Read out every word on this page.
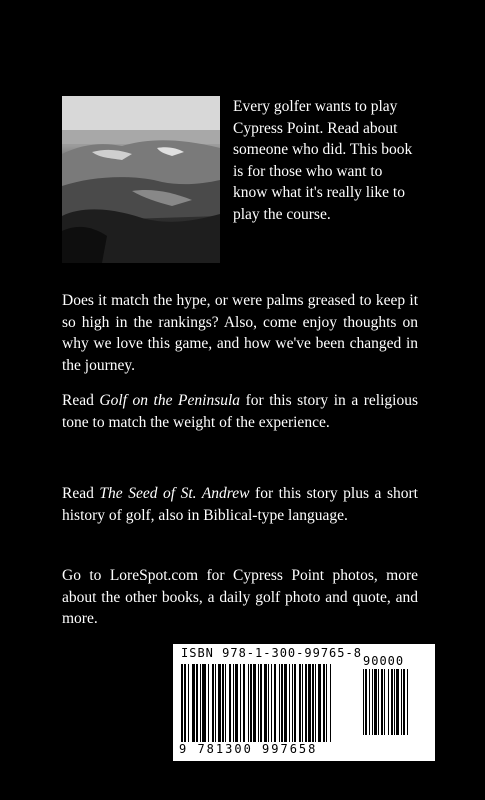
Every golfer wants to play Cypress Point. Read about someone who did. This book is for those who want to know what it's really like to play the course.

Does it match the hype, or were palms greased to keep it so high in the rankings? Also, come enjoy thoughts on why we love this game, and how we've been changed in the journey.

Read Golf on the Peninsula for this story in a religious tone to match the weight of the experience.

Read The Seed of St. Andrew for this story plus a short history of golf, also in Biblical-type language.

Go to LoreSpot.com for Cypress Point photos, more about the other books, a daily golf photo and quote, and more.

ISBN 978-1-300-99765-8
90000
9 781300 997658
